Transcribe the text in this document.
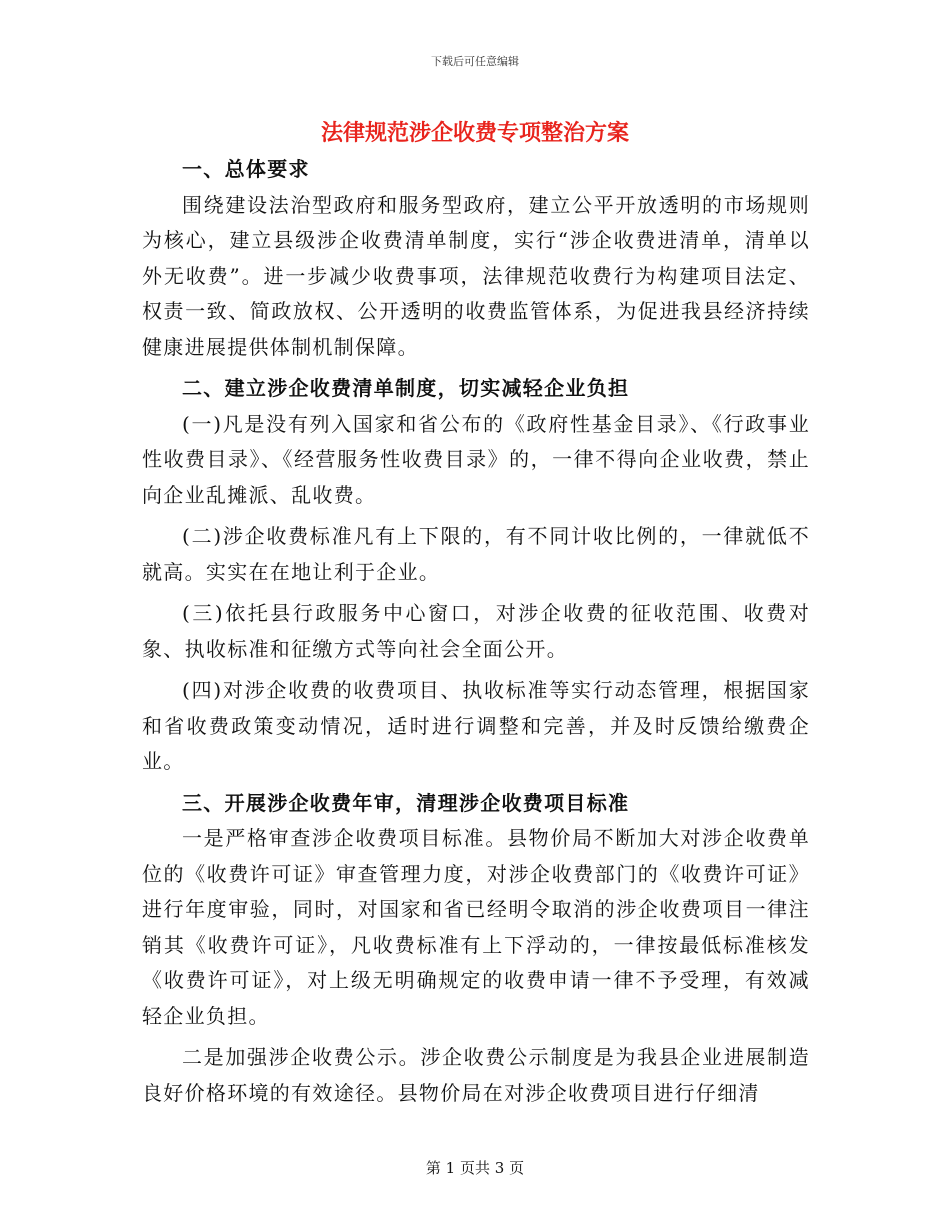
下载后可任意编辑
法律规范涉企收费专项整治方案
一、总体要求

围绕建设法治型政府和服务型政府，建立公平开放透明的市场规则为核心，建立县级涉企收费清单制度，实行“涉企收费进清单，清单以外无收费”。进一步减少收费事项，法律规范收费行为构建项目法定、权责一致、简政放权、公开透明的收费监管体系，为促进我县经济持续健康进展提供体制机制保障。

二、建立涉企收费清单制度，切实减轻企业负担

(一)凡是没有列入国家和省公布的《政府性基金目录》、《行政事业性收费目录》、《经营服务性收费目录》的，一律不得向企业收费，禁止向企业乱摊派、乱收费。

(二)涉企收费标准凡有上下限的，有不同计收比例的，一律就低不就高。实实在在地让利于企业。

(三)依托县行政服务中心窗口，对涉企收费的征收范围、收费对象、执收标准和征缴方式等向社会全面公开。

(四)对涉企收费的收费项目、执收标准等实行动态管理，根据国家和省收费政策变动情况，适时进行调整和完善，并及时反馈给缴费企业。

三、开展涉企收费年审，清理涉企收费项目标准

一是严格审查涉企收费项目标准。县物价局不断加大对涉企收费单位的《收费许可证》审查管理力度，对涉企收费部门的《收费许可证》进行年度审验，同时，对国家和省已经明令取消的涉企收费项目一律注销其《收费许可证》，凡收费标准有上下浮动的，一律按最低标准核发《收费许可证》，对上级无明确规定的收费申请一律不予受理，有效减轻企业负担。

二是加强涉企收费公示。涉企收费公示制度是为我县企业进展制造良好价格环境的有效途径。县物价局在对涉企收费项目进行仔细清

第 1 页共 3 页
